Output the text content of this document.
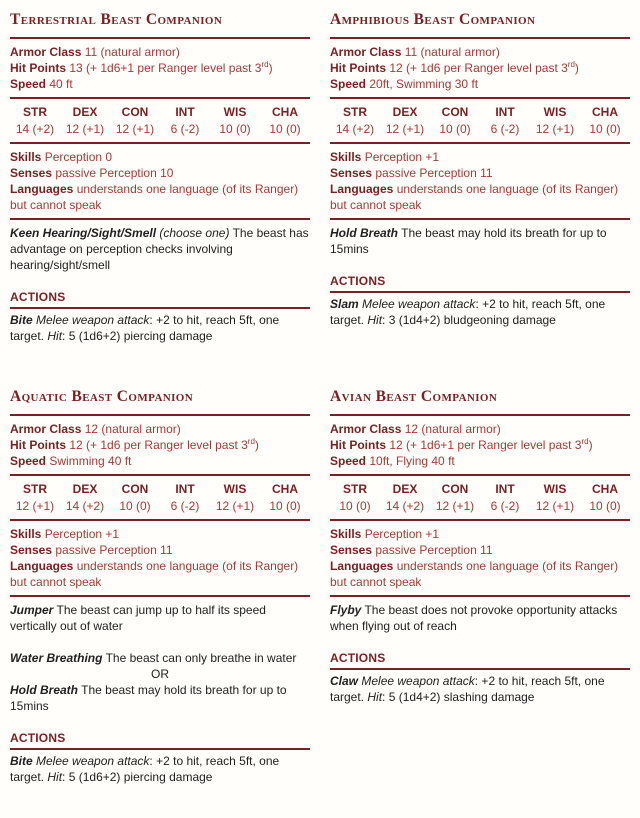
Terrestrial Beast Companion

Armor Class 11 (natural armor)

Hit Points 13 (+ 1d6+1 per Ranger level past 3rd)

Speed 40 ft

STR
14 (+2)
DEX
12 (+1)
CON
12 (+1)
INT
6 (-2)
WIS
10 (0)
CHA
10 (0)

Skills Perception 0

Senses passive Perception 10

Languages understands one language (of its Ranger) but cannot speak

Keen Hearing/Sight/Smell (choose one) The beast has advantage on perception checks involving hearing/sight/smell

ACTIONS

Bite Melee weapon attack: +2 to hit, reach 5ft, one target. Hit: 5 (1d6+2) piercing damage

Amphibious Beast Companion

Armor Class 11 (natural armor)

Hit Points 12 (+ 1d6 per Ranger level past 3rd)

Speed 20ft, Swimming 30 ft

STR
14 (+2)
DEX
12 (+1)
CON
10 (0)
INT
6 (-2)
WIS
12 (+1)
CHA
10 (0)

Skills Perception +1

Senses passive Perception 11

Languages understands one language (of its Ranger) but cannot speak

Hold Breath The beast may hold its breath for up to 15mins

ACTIONS

Slam Melee weapon attack: +2 to hit, reach 5ft, one target. Hit: 3 (1d4+2) bludgeoning damage

Aquatic Beast Companion

Armor Class 12 (natural armor)

Hit Points 12 (+ 1d6 per Ranger level past 3rd)

Speed Swimming 40 ft

STR
12 (+1)
DEX
14 (+2)
CON
10 (0)
INT
6 (-2)
WIS
12 (+1)
CHA
10 (0)

Skills Perception +1

Senses passive Perception 11

Languages understands one language (of its Ranger) but cannot speak

Jumper The beast can jump up to half its speed vertically out of water

Water Breathing The beast can only breathe in water

OR

Hold Breath The beast may hold its breath for up to 15mins

ACTIONS

Bite Melee weapon attack: +2 to hit, reach 5ft, one target. Hit: 5 (1d6+2) piercing damage

Avian Beast Companion

Armor Class 12 (natural armor)

Hit Points 12 (+ 1d6+1 per Ranger level past 3rd)

Speed 10ft, Flying 40 ft

STR
10 (0)
DEX
14 (+2)
CON
12 (+1)
INT
6 (-2)
WIS
12 (+1)
CHA
10 (0)

Skills Perception +1

Senses passive Perception 11

Languages understands one language (of its Ranger) but cannot speak

Flyby The beast does not provoke opportunity attacks when flying out of reach

ACTIONS

Claw Melee weapon attack: +2 to hit, reach 5ft, one target. Hit: 5 (1d4+2) slashing damage
